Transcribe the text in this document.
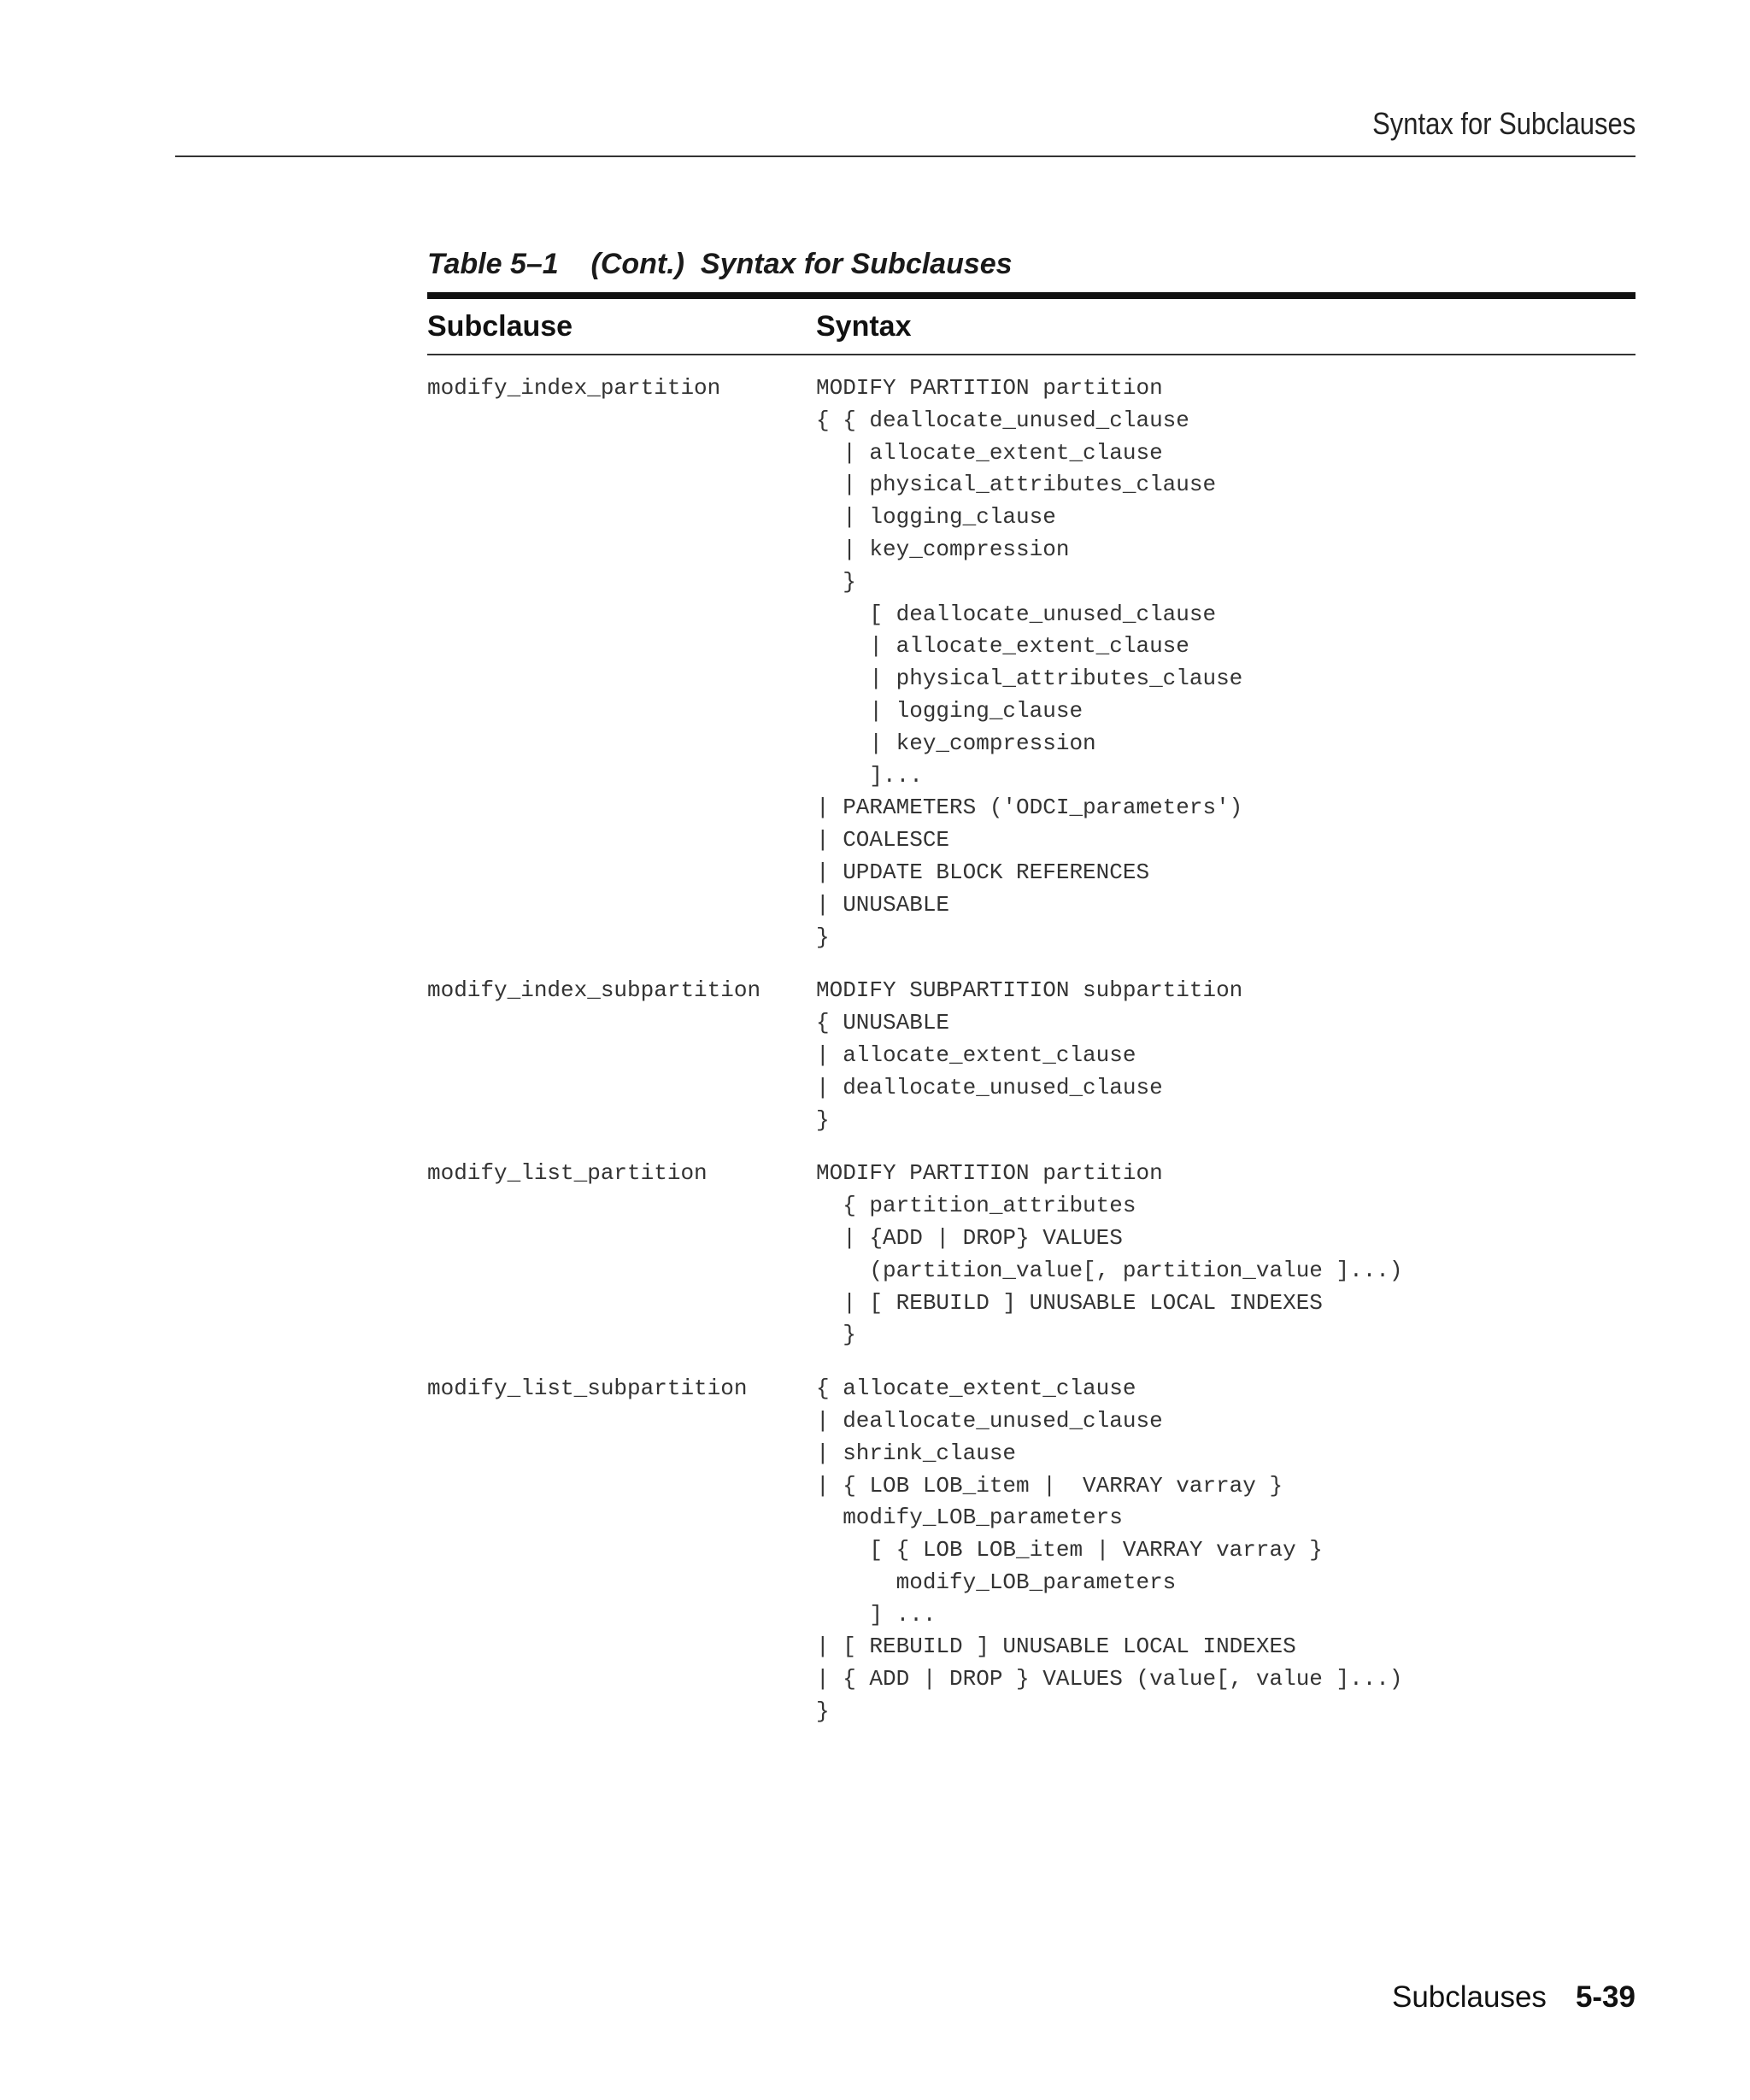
Syntax for Subclauses
Table 5–1    (Cont.)  Syntax for Subclauses
Subclause	Syntax
modify_index_partition	MODIFY PARTITION partition
{ { deallocate_unused_clause
| allocate_extent_clause
| physical_attributes_clause
| logging_clause
| key_compression
}
[ deallocate_unused_clause
| allocate_extent_clause
| physical_attributes_clause
| logging_clause
| key_compression
]...
| PARAMETERS ('ODCI_parameters')
| COALESCE
| UPDATE BLOCK REFERENCES
| UNUSABLE
}
modify_index_subpartition	MODIFY SUBPARTITION subpartition
{ UNUSABLE
| allocate_extent_clause
| deallocate_unused_clause
}
modify_list_partition	MODIFY PARTITION partition
{ partition_attributes
| {ADD | DROP} VALUES
(partition_value[, partition_value ]...)
| [ REBUILD ] UNUSABLE LOCAL INDEXES
}
modify_list_subpartition	{ allocate_extent_clause
| deallocate_unused_clause
| shrink_clause
| { LOB LOB_item |  VARRAY varray }
modify_LOB_parameters
[ { LOB LOB_item | VARRAY varray }
modify_LOB_parameters
] ...
| [ REBUILD ] UNUSABLE LOCAL INDEXES
| { ADD | DROP } VALUES (value[, value ]...)
}
Subclauses 5-39
